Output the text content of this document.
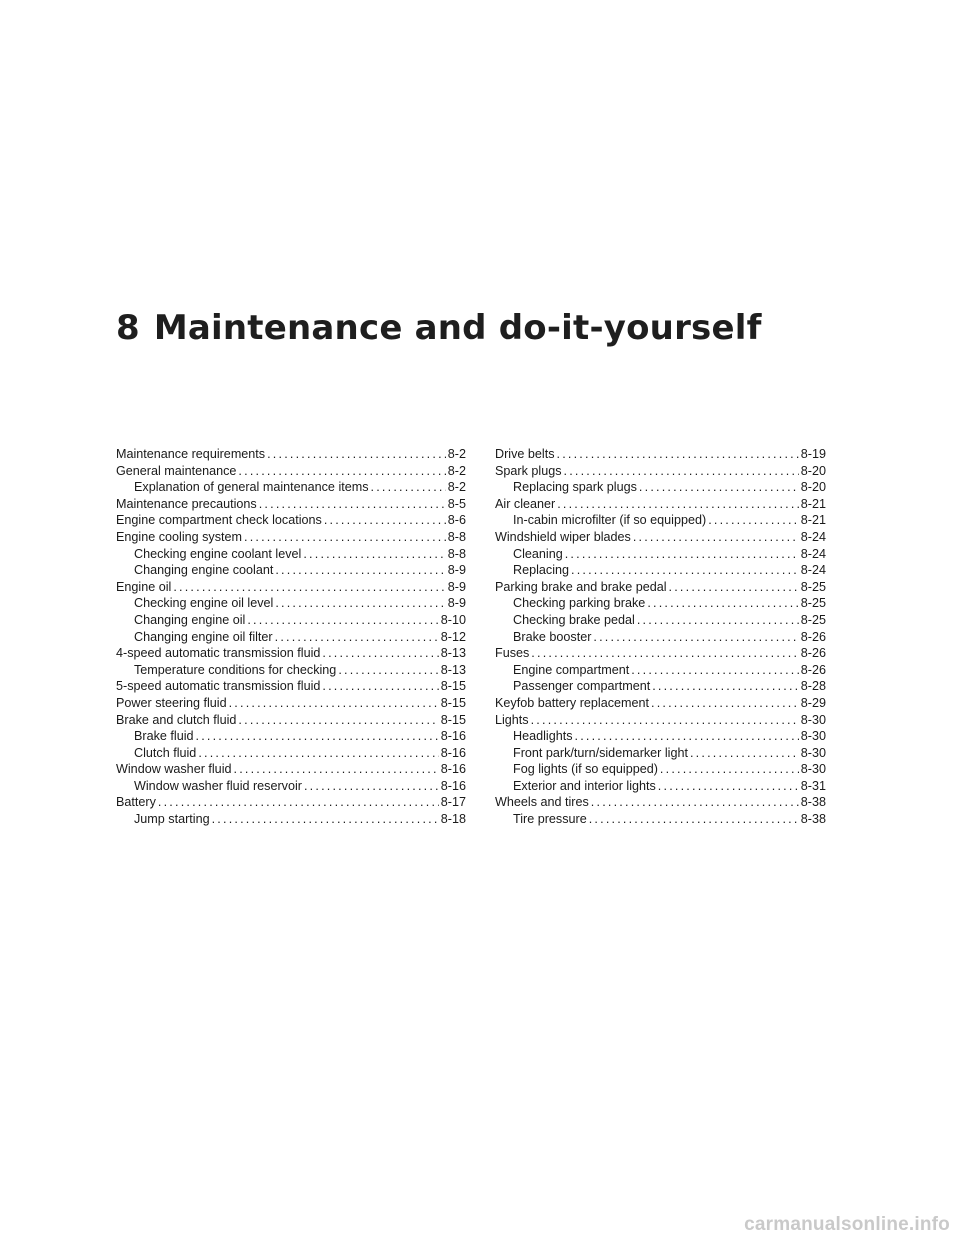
8 Maintenance and do-it-yourself
Maintenance requirements .....	8-2
General maintenance .....	8-2
Explanation of general maintenance items .....	8-2
Maintenance precautions .....	8-5
Engine compartment check locations .....	8-6
Engine cooling system .....	8-8
Checking engine coolant level .....	8-8
Changing engine coolant .....	8-9
Engine oil .....	8-9
Checking engine oil level .....	8-9
Changing engine oil .....	8-10
Changing engine oil filter .....	8-12
4-speed automatic transmission fluid .....	8-13
Temperature conditions for checking .....	8-13
5-speed automatic transmission fluid .....	8-15
Power steering fluid .....	8-15
Brake and clutch fluid .....	8-15
Brake fluid .....	8-16
Clutch fluid .....	8-16
Window washer fluid .....	8-16
Window washer fluid reservoir .....	8-16
Battery .....	8-17
Jump starting .....	8-18
Drive belts .....	8-19
Spark plugs .....	8-20
Replacing spark plugs .....	8-20
Air cleaner .....	8-21
In-cabin microfilter (if so equipped) .....	8-21
Windshield wiper blades .....	8-24
Cleaning .....	8-24
Replacing .....	8-24
Parking brake and brake pedal .....	8-25
Checking parking brake .....	8-25
Checking brake pedal .....	8-25
Brake booster .....	8-26
Fuses .....	8-26
Engine compartment .....	8-26
Passenger compartment .....	8-28
Keyfob battery replacement .....	8-29
Lights .....	8-30
Headlights .....	8-30
Front park/turn/sidemarker light .....	8-30
Fog lights (if so equipped) .....	8-30
Exterior and interior lights .....	8-31
Wheels and tires .....	8-38
Tire pressure .....	8-38
carmanualsonline.info
